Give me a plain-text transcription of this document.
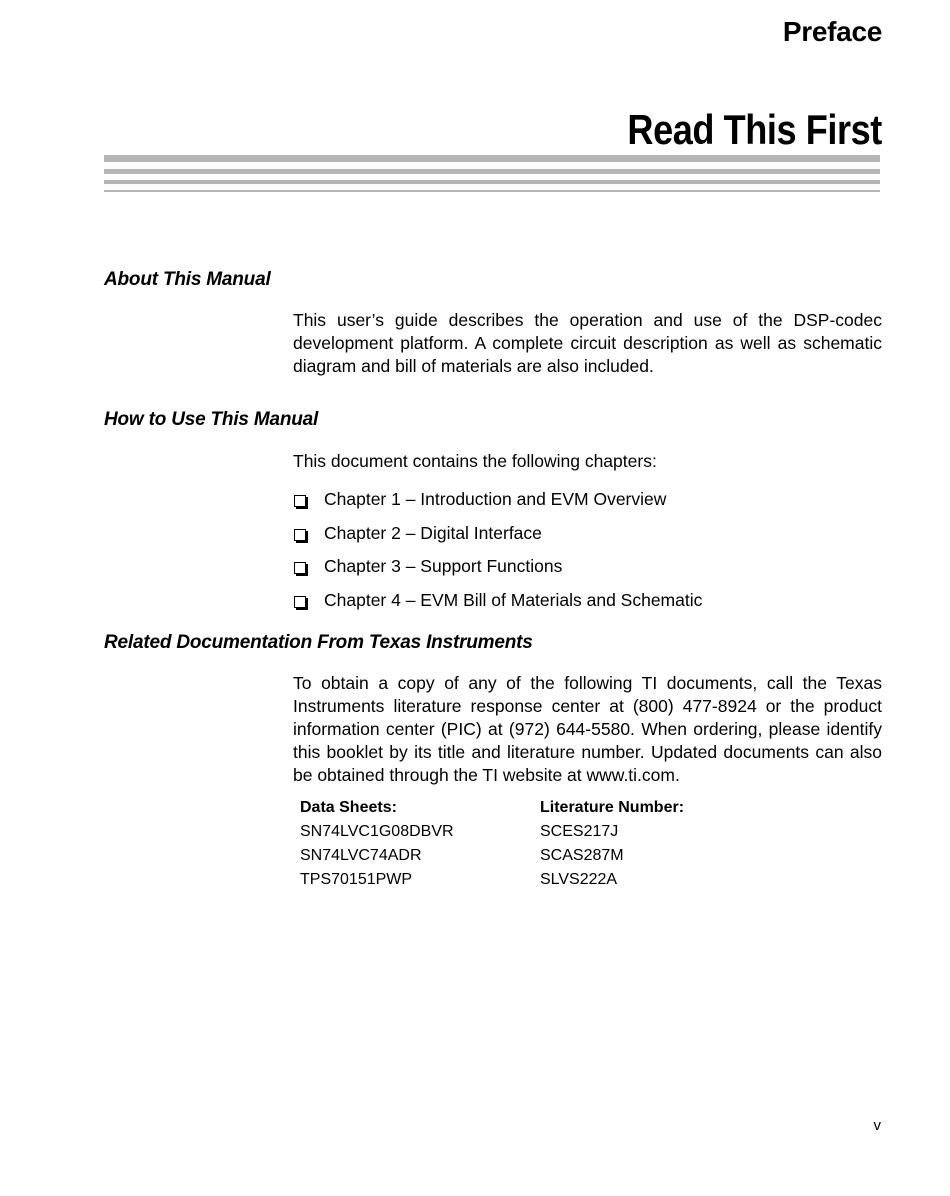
Preface
Read This First
About This Manual

This user’s guide describes the operation and use of the DSP-codec development platform. A complete circuit description as well as schematic diagram and bill of materials are also included.

How to Use This Manual

This document contains the following chapters:

Chapter 1 – Introduction and EVM Overview
Chapter 2 – Digital Interface
Chapter 3 – Support Functions
Chapter 4 – EVM Bill of Materials and Schematic
Related Documentation From Texas Instruments

To obtain a copy of any of the following TI documents, call the Texas Instruments literature response center at (800) 477-8924 or the product information center (PIC) at (972) 644-5580. When ordering, please identify this booklet by its title and literature number. Updated documents can also be obtained through the TI website at www.ti.com.

Data Sheets:	Literature Number:
SN74LVC1G08DBVR	SCES217J
SN74LVC74ADR	SCAS287M
TPS70151PWP	SLVS222A
v
